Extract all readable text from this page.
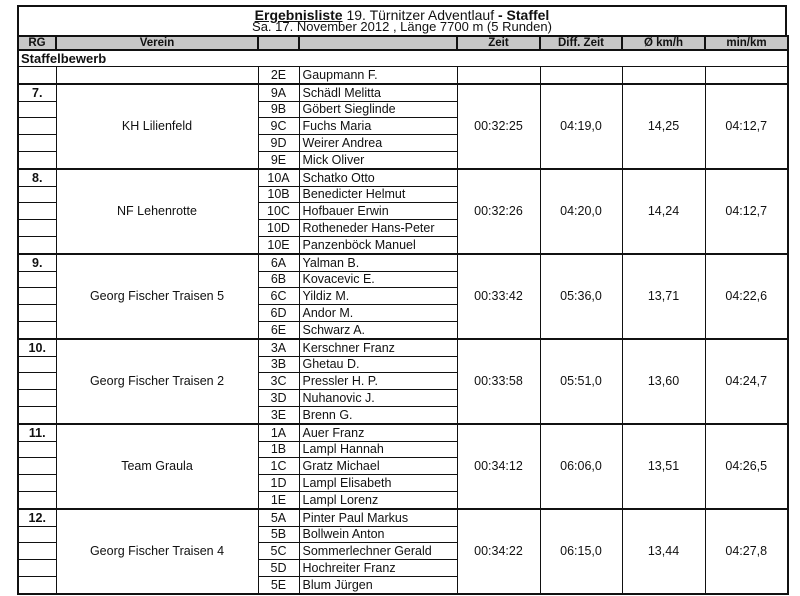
Ergebnisliste 19. Türnitzer Adventlauf - Staffel
Sa. 17. November 2012 , Länge 7700 m (5 Runden)
RG	Verein			Zeit	Diff. Zeit	Ø km/h	min/km
Staffelbewerb							
		2E	Gaupmann F.				
7.	KH Lilienfeld	9A	Schädl Melitta	00:32:25	04:19,0	14,25	04:12,7
		9B	Göbert Sieglinde				
		9C	Fuchs Maria				
		9D	Weirer Andrea				
		9E	Mick Oliver				
8.	NF Lehenrotte	10A	Schatko Otto	00:32:26	04:20,0	14,24	04:12,7
		10B	Benedicter Helmut				
		10C	Hofbauer Erwin				
		10D	Rotheneder Hans-Peter				
		10E	Panzenböck Manuel				
9.	Georg Fischer Traisen 5	6A	Yalman B.	00:33:42	05:36,0	13,71	04:22,6
		6B	Kovacevic E.				
		6C	Yildiz M.				
		6D	Andor M.				
		6E	Schwarz A.				
10.	Georg Fischer Traisen 2	3A	Kerschner Franz	00:33:58	05:51,0	13,60	04:24,7
		3B	Ghetau D.				
		3C	Pressler H. P.				
		3D	Nuhanovic J.				
		3E	Brenn G.				
11.	Team Graula	1A	Auer Franz	00:34:12	06:06,0	13,51	04:26,5
		1B	Lampl Hannah				
		1C	Gratz Michael				
		1D	Lampl Elisabeth				
		1E	Lampl Lorenz				
12.	Georg Fischer Traisen 4	5A	Pinter Paul Markus	00:34:22	06:15,0	13,44	04:27,8
		5B	Bollwein Anton				
		5C	Sommerlechner Gerald				
		5D	Hochreiter Franz				
		5E	Blum Jürgen				
